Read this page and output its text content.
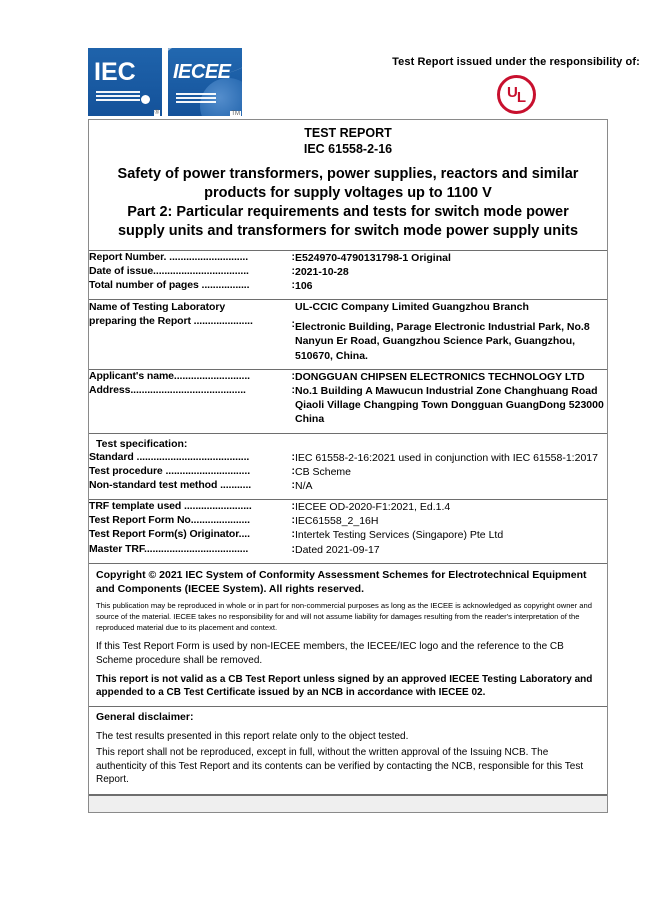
IEC
®
IECEE
TM
Test Report issued under the responsibility of:
U L
TEST REPORT
IEC 61558-2-16
Safety of power transformers, power supplies, reactors and similar
products for supply voltages up to 1100 V
Part 2: Particular requirements and tests for switch mode power
supply units and transformers for switch mode power supply units
Report Number. ............................	:	E524970-4790131798-1 Original
Date of issue..................................	:	2021-10-28
Total number of pages .................	:	106
Name of Testing Laboratory
preparing the Report .....................	:	
UL-CCIC Company Limited Guangzhou Branch
Electronic Building, Parage Electronic Industrial Park, No.8 Nanyun Er Road, Guangzhou Science Park, Guangzhou, 510670, China.
Applicant's name...........................	:	DONGGUAN CHIPSEN ELECTRONICS TECHNOLOGY LTD
Address.........................................	:	No.1 Building A Mawucun Industrial Zone Changhuang Road Qiaoli Village Changping Town Dongguan GuangDong 523000 China
Test specification:
Standard ........................................	:	IEC 61558-2-16:2021 used in conjunction with IEC 61558-1:2017
Test procedure ..............................	:	CB Scheme
Non-standard test method ...........	:	N/A
TRF template used ........................	:	IECEE OD-2020-F1:2021, Ed.1.4
Test Report Form No.....................	:	IEC61558_2_16H
Test Report Form(s) Originator....	:	Intertek Testing Services (Singapore) Pte Ltd
Master TRF.....................................	:	Dated 2021-09-17
Copyright © 2021 IEC System of Conformity Assessment Schemes for Electrotechnical Equipment and Components (IECEE System). All rights reserved.
This publication may be reproduced in whole or in part for non-commercial purposes as long as the IECEE is acknowledged as copyright owner and source of the material. IECEE takes no responsibility for and will not assume liability for damages resulting from the reader's interpretation of the reproduced material due to its placement and context.
If this Test Report Form is used by non-IECEE members, the IECEE/IEC logo and the reference to the CB Scheme procedure shall be removed.
This report is not valid as a CB Test Report unless signed by an approved IECEE Testing Laboratory and appended to a CB Test Certificate issued by an NCB in accordance with IECEE 02.
General disclaimer:
The test results presented in this report relate only to the object tested.
This report shall not be reproduced, except in full, without the written approval of the Issuing NCB. The authenticity of this Test Report and its contents can be verified by contacting the NCB, responsible for this Test Report.
